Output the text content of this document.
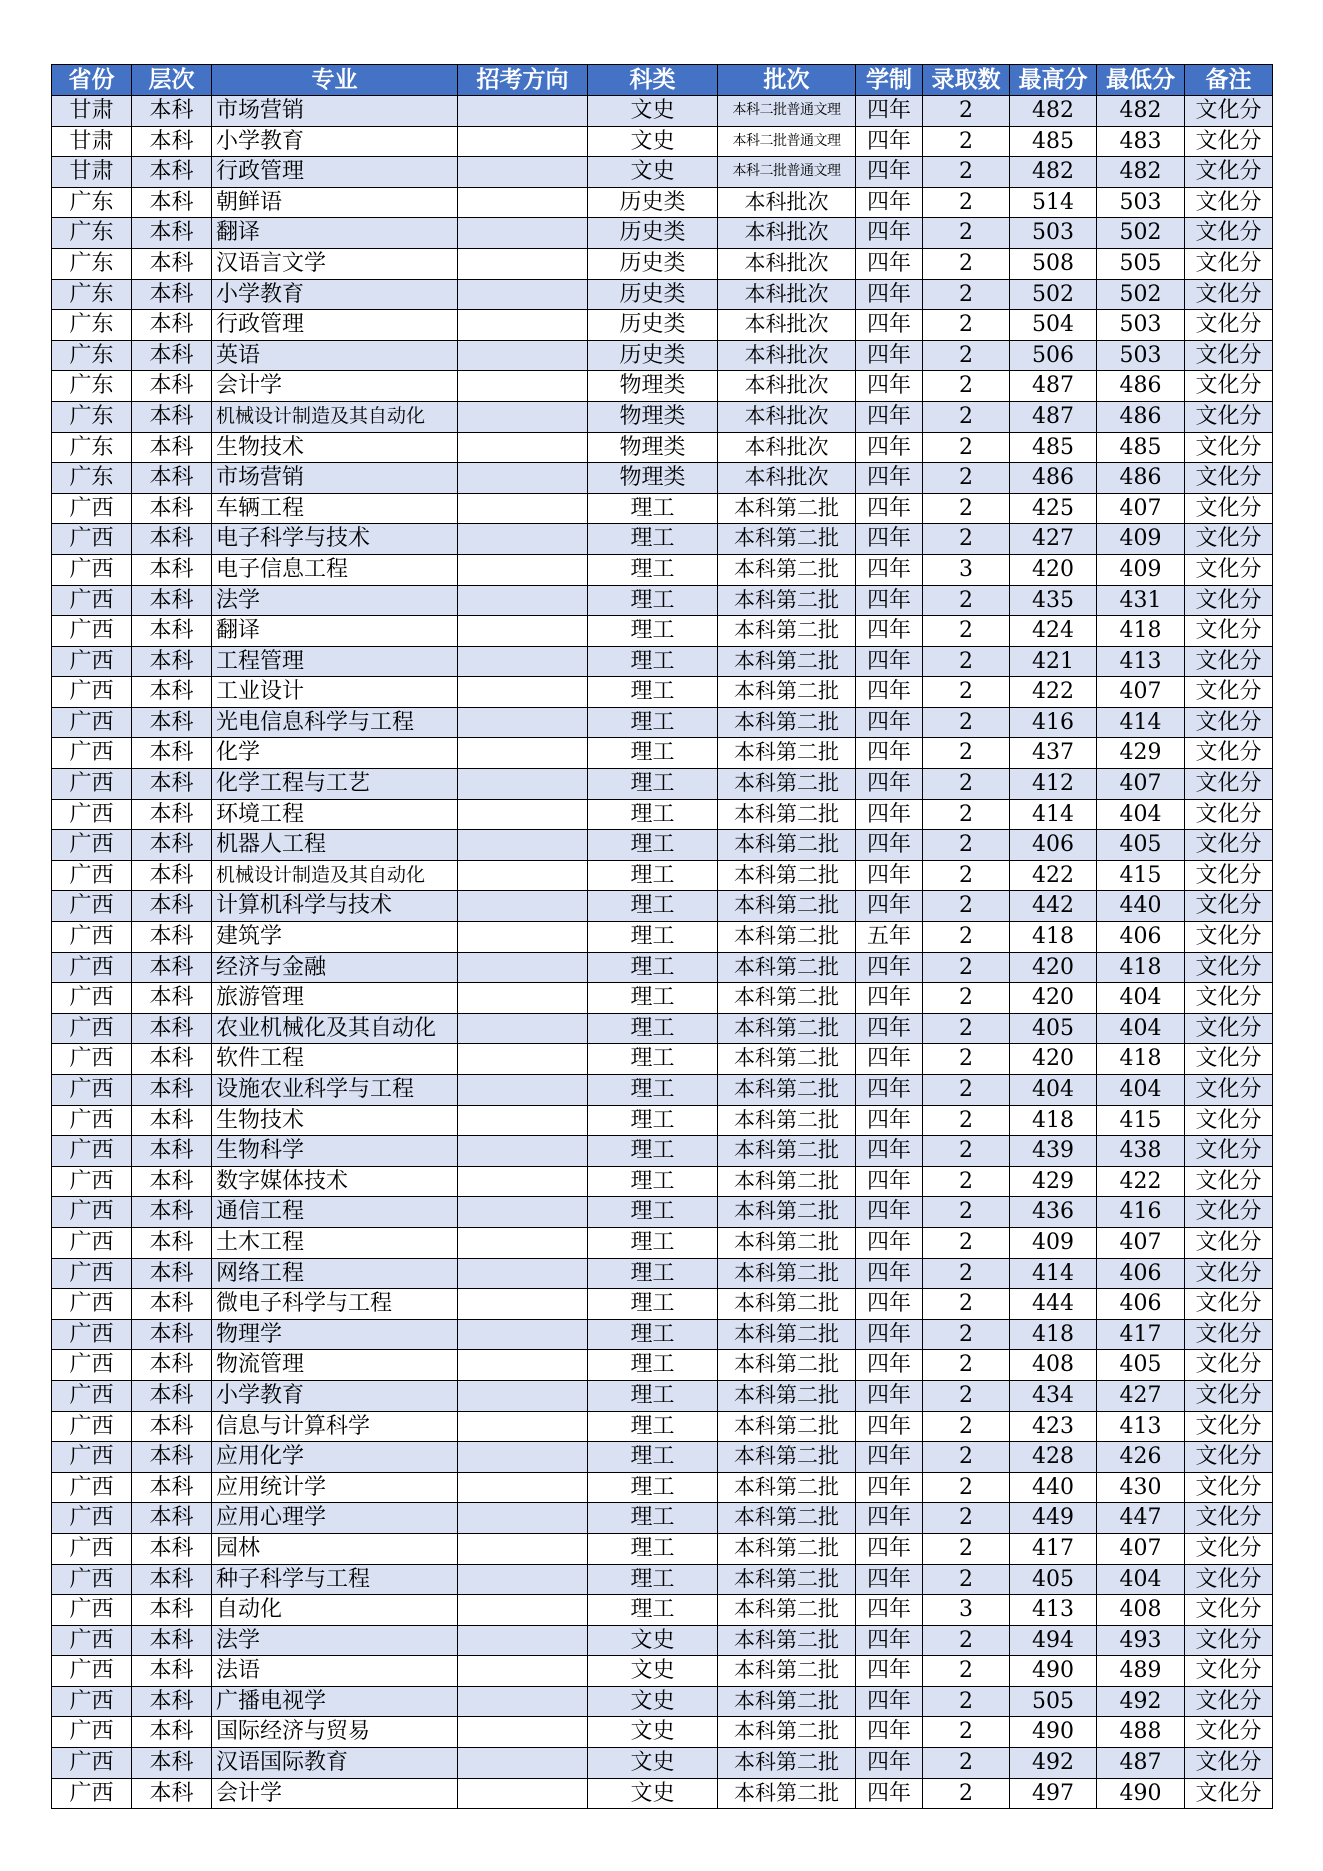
省份	层次	专业	招考方向	科类	批次	学制	录取数	最高分	最低分	备注
甘肃	本科	市场营销		文史	本科二批普通文理	四年	2	482	482	文化分
甘肃	本科	小学教育		文史	本科二批普通文理	四年	2	485	483	文化分
甘肃	本科	行政管理		文史	本科二批普通文理	四年	2	482	482	文化分
广东	本科	朝鲜语		历史类	本科批次	四年	2	514	503	文化分
广东	本科	翻译		历史类	本科批次	四年	2	503	502	文化分
广东	本科	汉语言文学		历史类	本科批次	四年	2	508	505	文化分
广东	本科	小学教育		历史类	本科批次	四年	2	502	502	文化分
广东	本科	行政管理		历史类	本科批次	四年	2	504	503	文化分
广东	本科	英语		历史类	本科批次	四年	2	506	503	文化分
广东	本科	会计学		物理类	本科批次	四年	2	487	486	文化分
广东	本科	机械设计制造及其自动化		物理类	本科批次	四年	2	487	486	文化分
广东	本科	生物技术		物理类	本科批次	四年	2	485	485	文化分
广东	本科	市场营销		物理类	本科批次	四年	2	486	486	文化分
广西	本科	车辆工程		理工	本科第二批	四年	2	425	407	文化分
广西	本科	电子科学与技术		理工	本科第二批	四年	2	427	409	文化分
广西	本科	电子信息工程		理工	本科第二批	四年	3	420	409	文化分
广西	本科	法学		理工	本科第二批	四年	2	435	431	文化分
广西	本科	翻译		理工	本科第二批	四年	2	424	418	文化分
广西	本科	工程管理		理工	本科第二批	四年	2	421	413	文化分
广西	本科	工业设计		理工	本科第二批	四年	2	422	407	文化分
广西	本科	光电信息科学与工程		理工	本科第二批	四年	2	416	414	文化分
广西	本科	化学		理工	本科第二批	四年	2	437	429	文化分
广西	本科	化学工程与工艺		理工	本科第二批	四年	2	412	407	文化分
广西	本科	环境工程		理工	本科第二批	四年	2	414	404	文化分
广西	本科	机器人工程		理工	本科第二批	四年	2	406	405	文化分
广西	本科	机械设计制造及其自动化		理工	本科第二批	四年	2	422	415	文化分
广西	本科	计算机科学与技术		理工	本科第二批	四年	2	442	440	文化分
广西	本科	建筑学		理工	本科第二批	五年	2	418	406	文化分
广西	本科	经济与金融		理工	本科第二批	四年	2	420	418	文化分
广西	本科	旅游管理		理工	本科第二批	四年	2	420	404	文化分
广西	本科	农业机械化及其自动化		理工	本科第二批	四年	2	405	404	文化分
广西	本科	软件工程		理工	本科第二批	四年	2	420	418	文化分
广西	本科	设施农业科学与工程		理工	本科第二批	四年	2	404	404	文化分
广西	本科	生物技术		理工	本科第二批	四年	2	418	415	文化分
广西	本科	生物科学		理工	本科第二批	四年	2	439	438	文化分
广西	本科	数字媒体技术		理工	本科第二批	四年	2	429	422	文化分
广西	本科	通信工程		理工	本科第二批	四年	2	436	416	文化分
广西	本科	土木工程		理工	本科第二批	四年	2	409	407	文化分
广西	本科	网络工程		理工	本科第二批	四年	2	414	406	文化分
广西	本科	微电子科学与工程		理工	本科第二批	四年	2	444	406	文化分
广西	本科	物理学		理工	本科第二批	四年	2	418	417	文化分
广西	本科	物流管理		理工	本科第二批	四年	2	408	405	文化分
广西	本科	小学教育		理工	本科第二批	四年	2	434	427	文化分
广西	本科	信息与计算科学		理工	本科第二批	四年	2	423	413	文化分
广西	本科	应用化学		理工	本科第二批	四年	2	428	426	文化分
广西	本科	应用统计学		理工	本科第二批	四年	2	440	430	文化分
广西	本科	应用心理学		理工	本科第二批	四年	2	449	447	文化分
广西	本科	园林		理工	本科第二批	四年	2	417	407	文化分
广西	本科	种子科学与工程		理工	本科第二批	四年	2	405	404	文化分
广西	本科	自动化		理工	本科第二批	四年	3	413	408	文化分
广西	本科	法学		文史	本科第二批	四年	2	494	493	文化分
广西	本科	法语		文史	本科第二批	四年	2	490	489	文化分
广西	本科	广播电视学		文史	本科第二批	四年	2	505	492	文化分
广西	本科	国际经济与贸易		文史	本科第二批	四年	2	490	488	文化分
广西	本科	汉语国际教育		文史	本科第二批	四年	2	492	487	文化分
广西	本科	会计学		文史	本科第二批	四年	2	497	490	文化分
